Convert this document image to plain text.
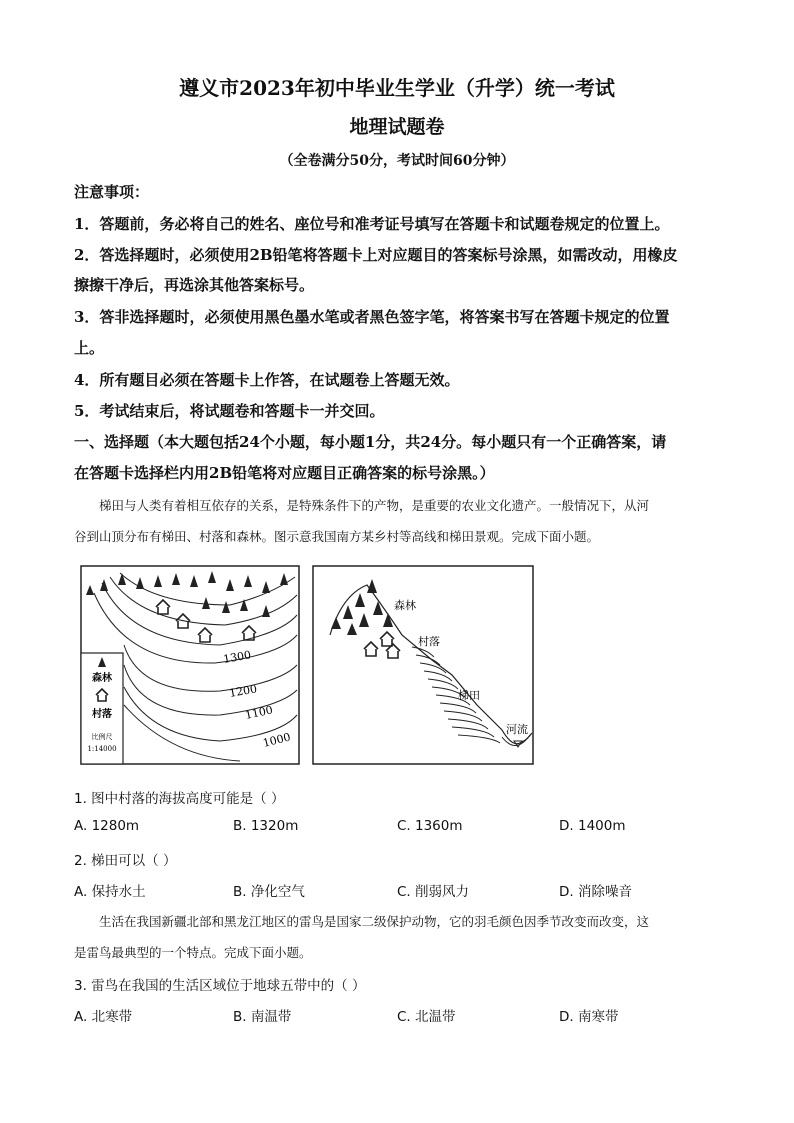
遵义市2023年初中毕业生学业（升学）统一考试
地理试题卷
（全卷满分50分，考试时间60分钟）
注意事项：
1．答题前，务必将自己的姓名、座位号和准考证号填写在答题卡和试题卷规定的位置上。
2．答选择题时，必须使用2B铅笔将答题卡上对应题目的答案标号涂黑，如需改动，用橡皮
擦擦干净后，再选涂其他答案标号。
3．答非选择题时，必须使用黑色墨水笔或者黑色签字笔，将答案书写在答题卡规定的位置
上。
4．所有题目必须在答题卡上作答，在试题卷上答题无效。
5．考试结束后，将试题卷和答题卡一并交回。
一、选择题（本大题包括24个小题，每小题1分，共24分。每小题只有一个正确答案，请
在答题卡选择栏内用2B铅笔将对应题目正确答案的标号涂黑。）
梯田与人类有着相互依存的关系，是特殊条件下的产物，是重要的农业文化遗产。一般情况下，从河
谷到山顶分布有梯田、村落和森林。图示意我国南方某乡村等高线和梯田景观。完成下面小题。
1300
1200
1100
1000
森林
村落
比例尺
1:14000
森林
村落
梯田
河流
1. 图中村落的海拔高度可能是（ ）
A. 1280m	B. 1320m	C. 1360m	D. 1400m
2. 梯田可以（ ）
A. 保持水土	B. 净化空气	C. 削弱风力	D. 消除噪音
生活在我国新疆北部和黑龙江地区的雷鸟是国家二级保护动物，它的羽毛颜色因季节改变而改变，这
是雷鸟最典型的一个特点。完成下面小题。
3. 雷鸟在我国的生活区域位于地球五带中的（ ）
A. 北寒带	B. 南温带	C. 北温带	D. 南寒带
